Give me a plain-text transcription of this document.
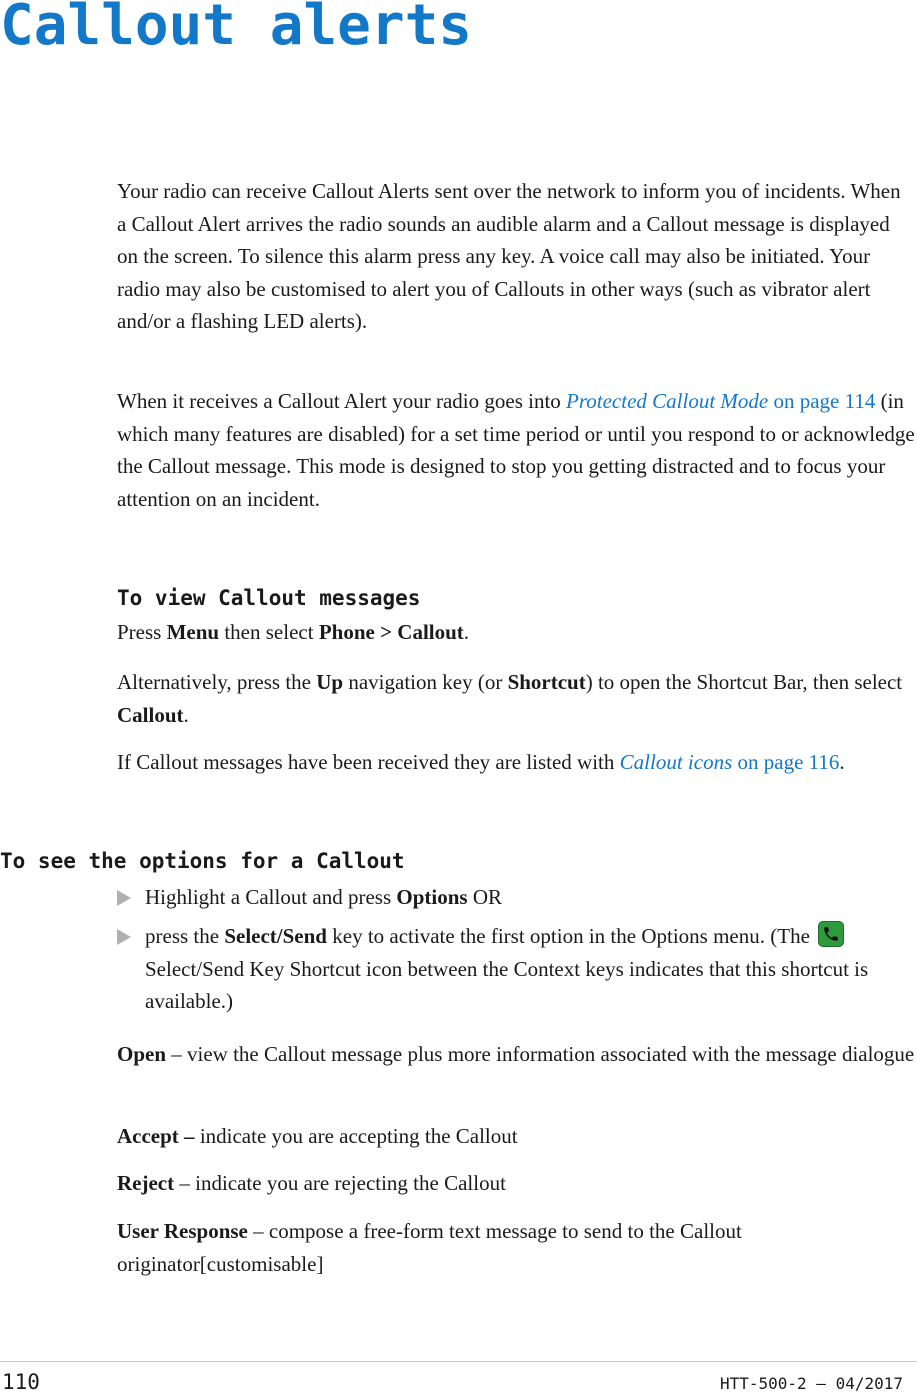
Callout alerts

Your radio can receive Callout Alerts sent over the network to inform you of incidents. When a Callout Alert arrives the radio sounds an audible alarm and a Callout message is displayed on the screen. To silence this alarm press any key. A voice call may also be initiated. Your radio may also be customised to alert you of Callouts in other ways (such as vibrator alert and/or a flashing LED alerts).

When it receives a Callout Alert your radio goes into Protected Callout Mode on page 114 (in which many features are disabled) for a set time period or until you respond to or acknowledge the Callout message. This mode is designed to stop you getting distracted and to focus your attention on an incident.

To view Callout messages

Press Menu then select Phone > Callout.

Alternatively, press the Up navigation key (or Shortcut) to open the Shortcut Bar, then select Callout.

If Callout messages have been received they are listed with Callout icons on page 116.

To see the options for a Callout
Highlight a Callout and press Options OR
press the Select/Send key to activate the first option in the Options menu. (The
Select/Send Key Shortcut icon between the Context keys indicates that this shortcut is available.)

Open – view the Callout message plus more information associated with the message dialogue

Accept – indicate you are accepting the Callout

Reject – indicate you are rejecting the Callout

User Response – compose a free-form text message to send to the Callout originator[customisable]

110	HTT-500-2 – 04/2017
